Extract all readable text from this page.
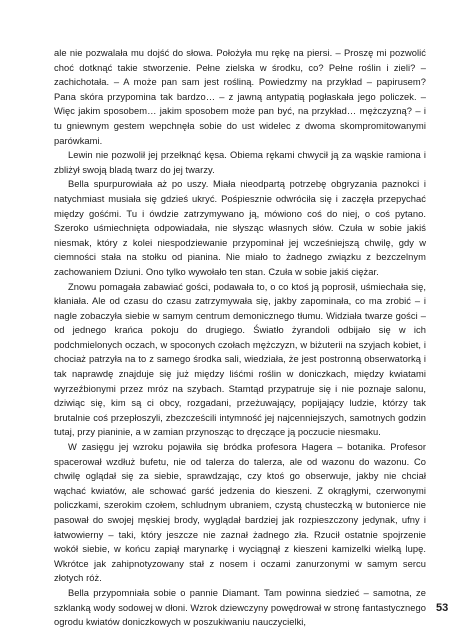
ale nie pozwalała mu dojść do słowa. Położyła mu rękę na piersi. – Proszę mi pozwolić choć dotknąć takie stworzenie. Pełne zielska w środku, co? Pełne roślin i zieli? – zachichotała. – A może pan sam jest rośliną. Powiedzmy na przykład – papirusem? Pana skóra przypomina tak bardzo… – z jawną antypatią pogłaskała jego policzek. – Więc jakim sposobem… jakim sposobem może pan być, na przykład… mężczyzną? – i tu gniewnym gestem wepchnęła sobie do ust widelec z dwoma skompromitowanymi parówkami.

Lewin nie pozwolił jej przełknąć kęsa. Obiema rękami chwycił ją za wąskie ramiona i zbliżył swoją bladą twarz do jej twarzy.

Bella spurpurowiała aż po uszy. Miała nieodpartą potrzebę obgryzania paznokci i natychmiast musiała się gdzieś ukryć. Pośpiesznie odwróciła się i zaczęła przepychać między gośćmi. Tu i ówdzie zatrzymywano ją, mówiono coś do niej, o coś pytano. Szeroko uśmiechnięta odpowiadała, nie słysząc własnych słów. Czuła w sobie jakiś niesmak, który z kolei niespodziewanie przypominał jej wcześniejszą chwilę, gdy w ciemności stała na stołku od pianina. Nie miało to żadnego związku z bezczelnym zachowaniem Dziuni. Ono tylko wywołało ten stan. Czuła w sobie jakiś ciężar.

Znowu pomagała zabawiać gości, podawała to, o co ktoś ją poprosił, uśmiechała się, kłaniała. Ale od czasu do czasu zatrzymywała się, jakby zapominała, co ma zrobić – i nagle zobaczyła siebie w samym centrum demonicznego tłumu. Widziała twarze gości – od jednego krańca pokoju do drugiego. Światło żyrandoli odbijało się w ich podchmielonych oczach, w spoconych czołach mężczyzn, w biżuterii na szyjach kobiet, i chociaż patrzyła na to z samego środka sali, wiedziała, że jest postronną obserwatorką i tak naprawdę znajduje się już między liśćmi roślin w doniczkach, między kwiatami wyrzeźbionymi przez mróz na szybach. Stamtąd przypatruje się i nie poznaje salonu, dziwiąc się, kim są ci obcy, rozgadani, przeżuwający, popijający ludzie, którzy tak brutalnie coś przepłoszyli, zbezcześcili intymność jej najcenniejszych, samotnych godzin tutaj, przy pianinie, a w zamian przynosząc to dręczące ją poczucie niesmaku.

W zasięgu jej wzroku pojawiła się bródka profesora Hagera – botanika. Profesor spacerował wzdłuż bufetu, nie od talerza do talerza, ale od wazonu do wazonu. Co chwilę oglądał się za siebie, sprawdzając, czy ktoś go obserwuje, jakby nie chciał wąchać kwiatów, ale schować garść jedzenia do kieszeni. Z okrągłymi, czerwonymi policzkami, szerokim czołem, schludnym ubraniem, czystą chusteczką w butonierce nie pasował do swojej męskiej brody, wyglądał bardziej jak rozpieszczony jedynak, ufny i łatwowierny – taki, który jeszcze nie zaznał żadnego zła. Rzucił ostatnie spojrzenie wokół siebie, w końcu zapiął marynarkę i wyciągnął z kieszeni kamizelki wielką lupę. Wkrótce jak zahipnotyzowany stał z nosem i oczami zanurzonymi w samym sercu złotych róż.

Bella przypomniała sobie o pannie Diamant. Tam powinna siedzieć – samotna, ze szklanką wody sodowej w dłoni. Wzrok dziewczyny powędrował w stronę fantastycznego ogrodu kwiatów doniczkowych w poszukiwaniu nauczycielki,

53
